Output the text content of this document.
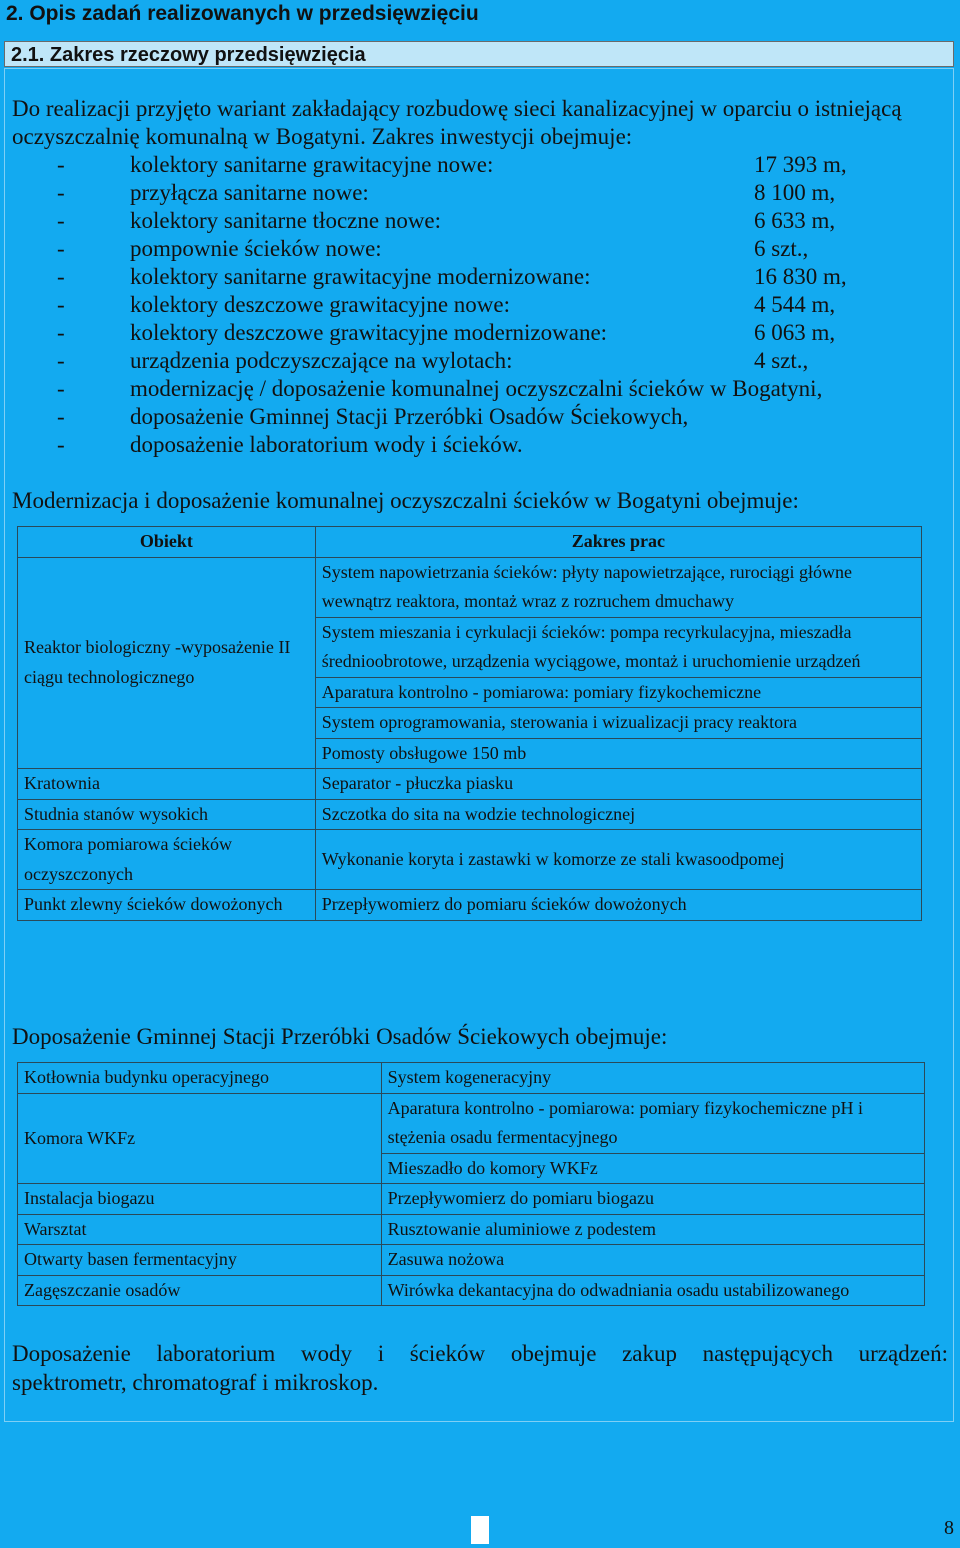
2. Opis zadań realizowanych w przedsięwzięciu
2.1. Zakres rzeczowy przedsięwzięcia
Do realizacji przyjęto wariant zakładający rozbudowę sieci kanalizacyjnej w oparciu o istniejącą oczyszczalnię komunalną w Bogatyni. Zakres inwestycji obejmuje:
-	kolektory sanitarne grawitacyjne nowe:	17 393 m,
-	przyłącza sanitarne nowe:	8 100 m,
-	kolektory sanitarne tłoczne nowe:	6 633 m,
-	pompownie ścieków nowe:	6 szt.,
-	kolektory sanitarne grawitacyjne modernizowane:	16 830 m,
-	kolektory deszczowe grawitacyjne nowe:	4 544 m,
-	kolektory deszczowe grawitacyjne modernizowane:	6 063 m,
-	urządzenia podczyszczające na wylotach:	4 szt.,
-	modernizację / doposażenie komunalnej oczyszczalni ścieków w Bogatyni,
-	doposażenie Gminnej Stacji Przeróbki Osadów Ściekowych,
-	doposażenie laboratorium wody i ścieków.
Modernizacja i doposażenie komunalnej oczyszczalni ścieków w Bogatyni obejmuje:
Obiekt	Zakres prac
Reaktor biologiczny -wyposażenie II ciągu technologicznego	System napowietrzania ścieków: płyty napowietrzające, rurociągi główne wewnątrz reaktora, montaż wraz z rozruchem dmuchawy
	System mieszania i cyrkulacji ścieków: pompa recyrkulacyjna, mieszadła średnioobrotowe, urządzenia wyciągowe, montaż i uruchomienie urządzeń
	Aparatura kontrolno - pomiarowa: pomiary fizykochemiczne
	System oprogramowania, sterowania i wizualizacji pracy reaktora
	Pomosty obsługowe 150 mb
Kratownia	Separator - płuczka piasku
Studnia stanów wysokich	Szczotka do sita na wodzie technologicznej
Komora pomiarowa ścieków oczyszczonych	Wykonanie koryta i zastawki w komorze ze stali kwasoodpomej
Punkt zlewny ścieków dowożonych	Przepływomierz do pomiaru ścieków dowożonych
Doposażenie Gminnej Stacji Przeróbki Osadów Ściekowych obejmuje:
Kotłownia budynku operacyjnego	System kogeneracyjny
Komora WKFz	Aparatura kontrolno - pomiarowa: pomiary fizykochemiczne pH i stężenia osadu fermentacyjnego
	Mieszadło do komory WKFz
Instalacja biogazu	Przepływomierz do pomiaru biogazu
Warsztat	Rusztowanie aluminiowe z podestem
Otwarty basen fermentacyjny	Zasuwa nożowa
Zagęszczanie osadów	Wirówka dekantacyjna do odwadniania osadu ustabilizowanego
Doposażenie laboratorium wody i ścieków obejmuje zakup następujących urządzeń:
spektrometr, chromatograf i mikroskop.
8
